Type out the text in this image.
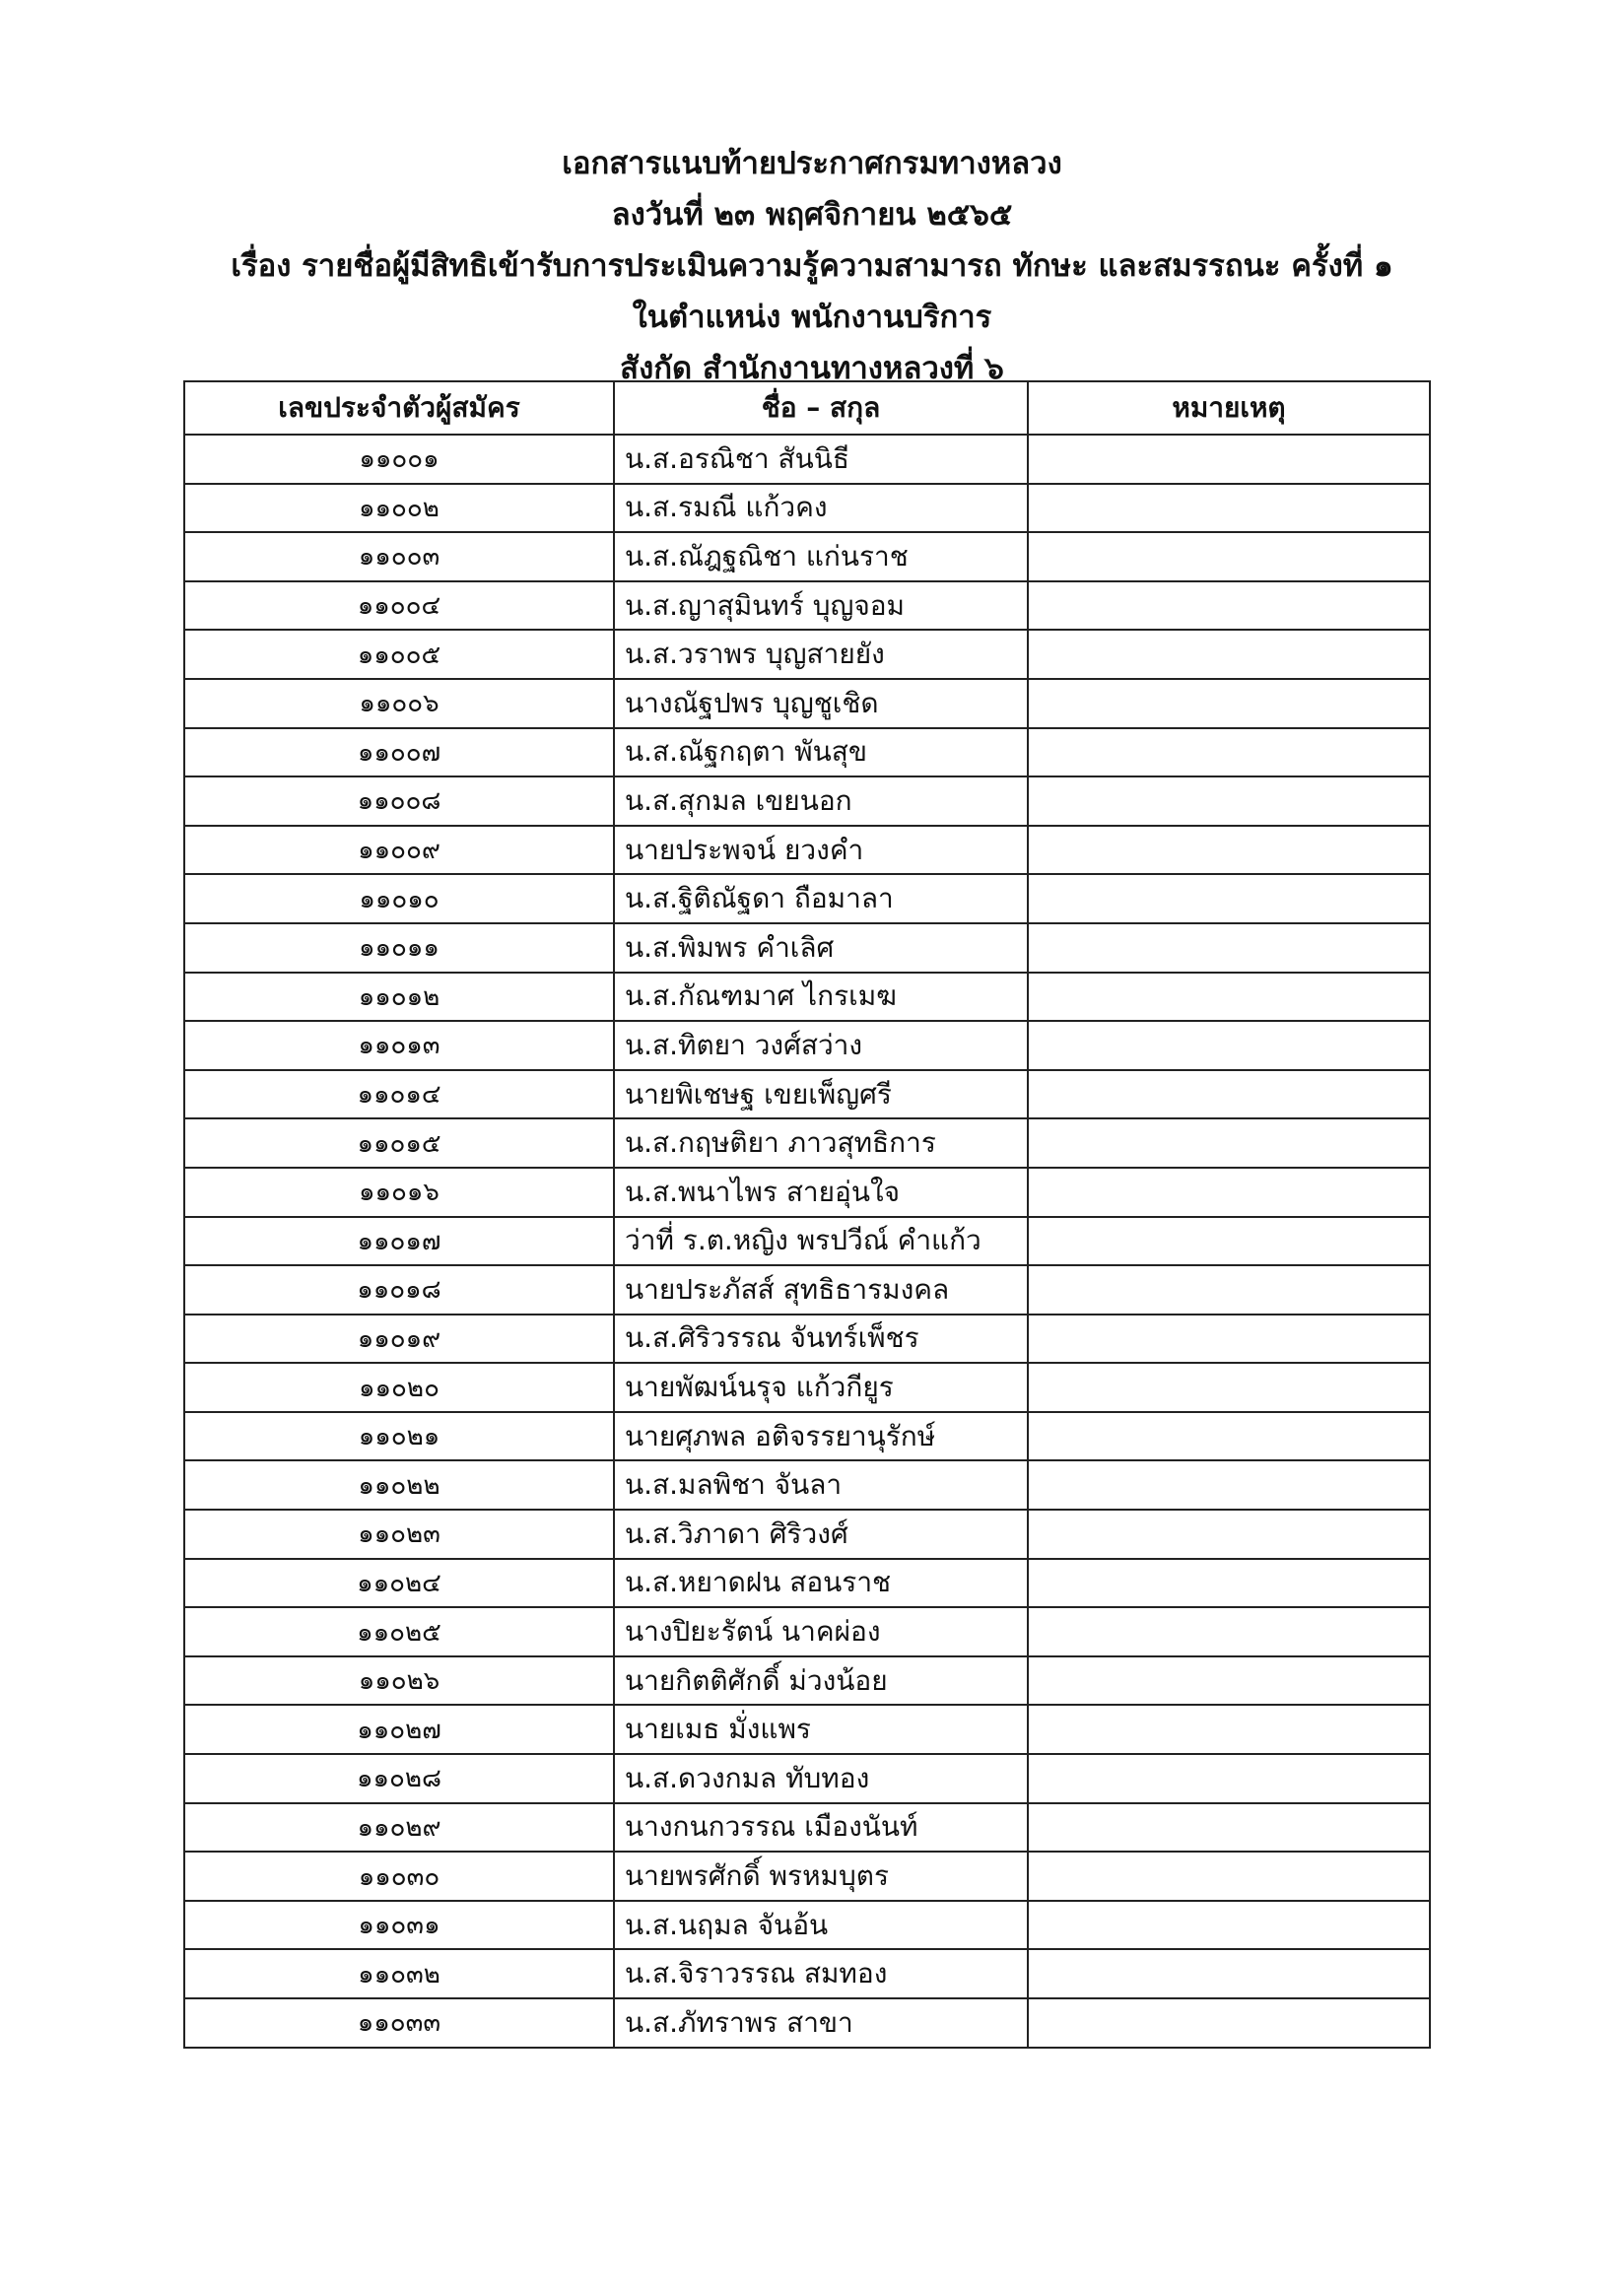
เอกสารแนบท้ายประกาศกรมทางหลวง
ลงวันที่ ๒๓ พฤศจิกายน ๒๕๖๕
เรื่อง รายชื่อผู้มีสิทธิเข้ารับการประเมินความรู้ความสามารถ ทักษะ และสมรรถนะ ครั้งที่ ๑
ในตำแหน่ง พนักงานบริการ
สังกัด สำนักงานทางหลวงที่ ๖
เลขประจำตัวผู้สมัคร	ชื่อ – สกุล	หมายเหตุ
๑๑๐๐๑	น.ส.อรณิชา สันนิธี	
๑๑๐๐๒	น.ส.รมณี แก้วคง	
๑๑๐๐๓	น.ส.ณัฎฐณิชา แก่นราช	
๑๑๐๐๔	น.ส.ญาสุมินทร์ บุญจอม	
๑๑๐๐๕	น.ส.วราพร บุญสายยัง	
๑๑๐๐๖	นางณัฐปพร บุญชูเชิด	
๑๑๐๐๗	น.ส.ณัฐกฤตา พันสุข	
๑๑๐๐๘	น.ส.สุกมล เขยนอก	
๑๑๐๐๙	นายประพจน์ ยวงคำ	
๑๑๐๑๐	น.ส.ฐิติณัฐดา ถือมาลา	
๑๑๐๑๑	น.ส.พิมพร คำเลิศ	
๑๑๐๑๒	น.ส.กัณฑมาศ ไกรเมฆ	
๑๑๐๑๓	น.ส.ทิตยา วงศ์สว่าง	
๑๑๐๑๔	นายพิเชษฐ เขยเพ็ญศรี	
๑๑๐๑๕	น.ส.กฤษติยา ภาวสุทธิการ	
๑๑๐๑๖	น.ส.พนาไพร สายอุ่นใจ	
๑๑๐๑๗	ว่าที่ ร.ต.หญิง พรปวีณ์ คำแก้ว	
๑๑๐๑๘	นายประภัสส์ สุทธิธารมงคล	
๑๑๐๑๙	น.ส.ศิริวรรณ จันทร์เพ็ชร	
๑๑๐๒๐	นายพัฒน์นรุจ แก้วกียูร	
๑๑๐๒๑	นายศุภพล อติจรรยานุรักษ์	
๑๑๐๒๒	น.ส.มลพิชา จันลา	
๑๑๐๒๓	น.ส.วิภาดา ศิริวงศ์	
๑๑๐๒๔	น.ส.หยาดฝน สอนราช	
๑๑๐๒๕	นางปิยะรัตน์ นาคผ่อง	
๑๑๐๒๖	นายกิตติศักดิ์ ม่วงน้อย	
๑๑๐๒๗	นายเมธ มั่งแพร	
๑๑๐๒๘	น.ส.ดวงกมล ทับทอง	
๑๑๐๒๙	นางกนกวรรณ เมืองนันท์	
๑๑๐๓๐	นายพรศักดิ์ พรหมบุตร	
๑๑๐๓๑	น.ส.นฤมล จันอ้น	
๑๑๐๓๒	น.ส.จิราวรรณ สมทอง	
๑๑๐๓๓	น.ส.ภัทราพร สาขา	
